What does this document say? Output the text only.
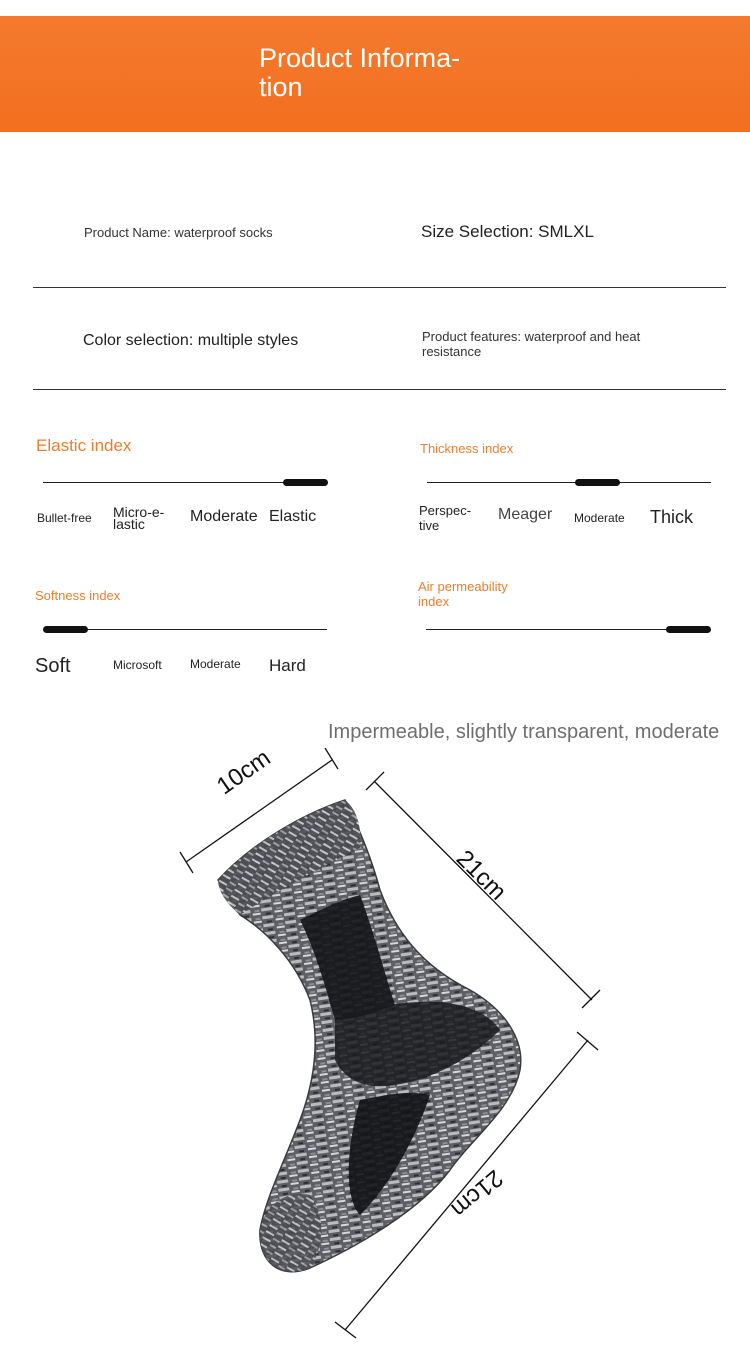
Product Informa-
tion
Product Name: waterproof socks	Size Selection: SMLXL
Color selection: multiple styles	Product features: waterproof and heat resistance
Elastic index
Bullet-free Micro-e-
lastic	Moderate Elastic
Thickness index
Perspec-
tive
Meager Moderate Thick
Softness index
Soft	Microsoft Moderate Hard
Air permeability
index
Impermeable, slightly transparent, moderate
10cm
21cm
21cm
